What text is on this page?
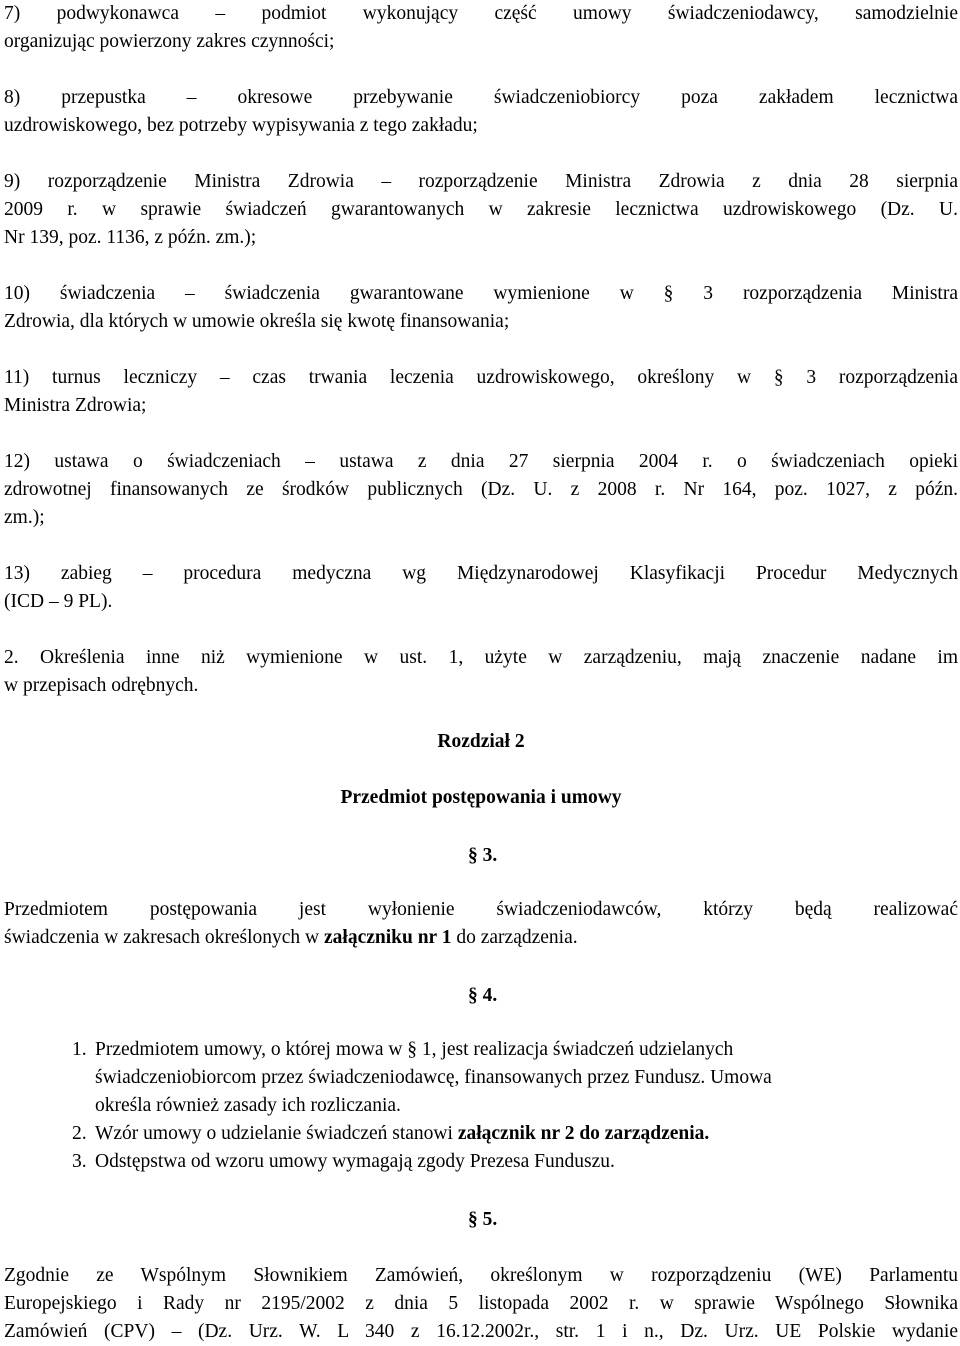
7) podwykonawca – podmiot wykonujący część umowy świadczeniodawcy, samodzielnie
organizując powierzony zakres czynności;
8) przepustka – okresowe przebywanie świadczeniobiorcy poza zakładem lecznictwa
uzdrowiskowego, bez potrzeby wypisywania z tego zakładu;
9) rozporządzenie Ministra Zdrowia – rozporządzenie Ministra Zdrowia z dnia 28 sierpnia
2009 r. w sprawie świadczeń gwarantowanych w zakresie lecznictwa uzdrowiskowego (Dz. U.
Nr 139, poz. 1136, z późn. zm.);
10) świadczenia – świadczenia gwarantowane wymienione w § 3 rozporządzenia Ministra
Zdrowia, dla których w umowie określa się kwotę finansowania;
11) turnus leczniczy – czas trwania leczenia uzdrowiskowego, określony w § 3 rozporządzenia
Ministra Zdrowia;
12) ustawa o świadczeniach – ustawa z dnia 27 sierpnia 2004 r. o świadczeniach opieki
zdrowotnej finansowanych ze środków publicznych (Dz. U. z 2008 r. Nr 164, poz. 1027, z późn.
zm.);
13) zabieg – procedura medyczna wg Międzynarodowej Klasyfikacji Procedur Medycznych
(ICD – 9 PL).
2. Określenia inne niż wymienione w ust. 1, użyte w zarządzeniu, mają znaczenie nadane im
w przepisach odrębnych.
Rozdział 2
Przedmiot postępowania i umowy
§ 3.
Przedmiotem postępowania jest wyłonienie świadczeniodawców, którzy będą realizować
świadczenia w zakresach określonych w załączniku nr 1 do zarządzenia.
§ 4.
1. Przedmiotem umowy, o której mowa w § 1, jest realizacja świadczeń udzielanych
świadczeniobiorcom przez świadczeniodawcę, finansowanych przez Fundusz. Umowa
określa również zasady ich rozliczania.
2. Wzór umowy o udzielanie świadczeń stanowi załącznik nr 2 do zarządzenia.
3. Odstępstwa od wzoru umowy wymagają zgody Prezesa Funduszu.
§ 5.
Zgodnie ze Wspólnym Słownikiem Zamówień, określonym w rozporządzeniu (WE) Parlamentu
Europejskiego i Rady nr 2195/2002 z dnia 5 listopada 2002 r. w sprawie Wspólnego Słownika
Zamówień (CPV) – (Dz. Urz. W. L 340 z 16.12.2002r., str. 1 i n., Dz. Urz. UE Polskie wydanie
